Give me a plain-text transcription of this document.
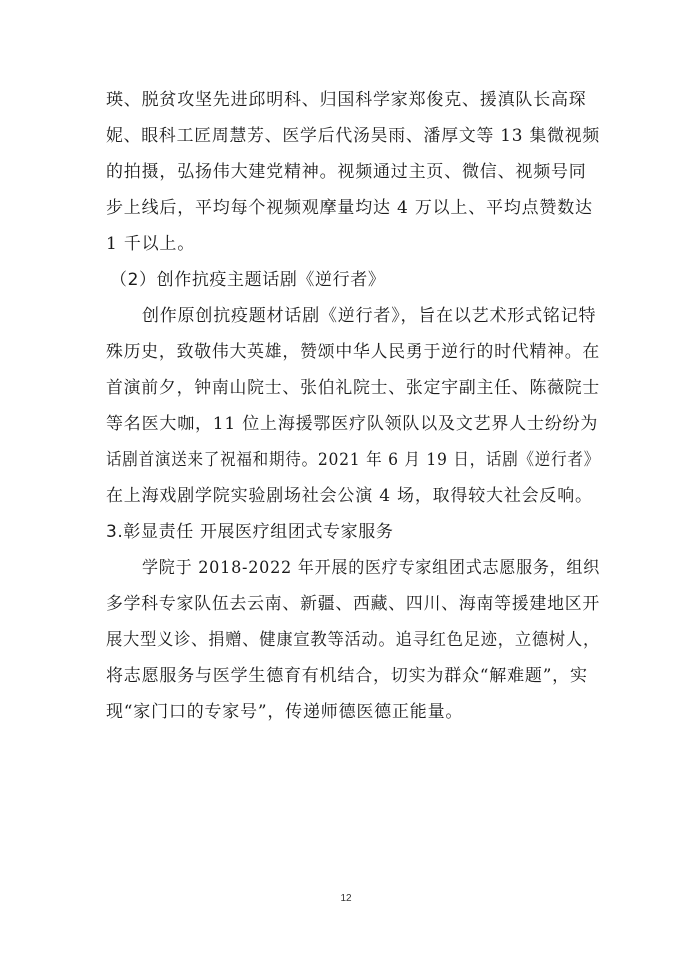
瑛、脱贫攻坚先进邱明科、归国科学家郑俊克、援滇队长高琛
妮、眼科工匠周慧芳、医学后代汤昊雨、潘厚文等 13 集微视频
的拍摄，弘扬伟大建党精神。视频通过主页、微信、视频号同
步上线后，平均每个视频观摩量均达 4 万以上、平均点赞数达
1 千以上。
（2）创作抗疫主题话剧《逆行者》
创作原创抗疫题材话剧《逆行者》，旨在以艺术形式铭记特
殊历史，致敬伟大英雄，赞颂中华人民勇于逆行的时代精神。在
首演前夕，钟南山院士、张伯礼院士、张定宇副主任、陈薇院士
等名医大咖，11 位上海援鄂医疗队领队以及文艺界人士纷纷为
话剧首演送来了祝福和期待。2021 年 6 月 19 日，话剧《逆行者》
在上海戏剧学院实验剧场社会公演 4 场，取得较大社会反响。
3.彰显责任 开展医疗组团式专家服务
学院于 2018-2022 年开展的医疗专家组团式志愿服务，组织
多学科专家队伍去云南、新疆、西藏、四川、海南等援建地区开
展大型义诊、捐赠、健康宣教等活动。追寻红色足迹，立德树人，
将志愿服务与医学生德育有机结合，切实为群众“解难题”，实
现“家门口的专家号”，传递师德医德正能量。
12
